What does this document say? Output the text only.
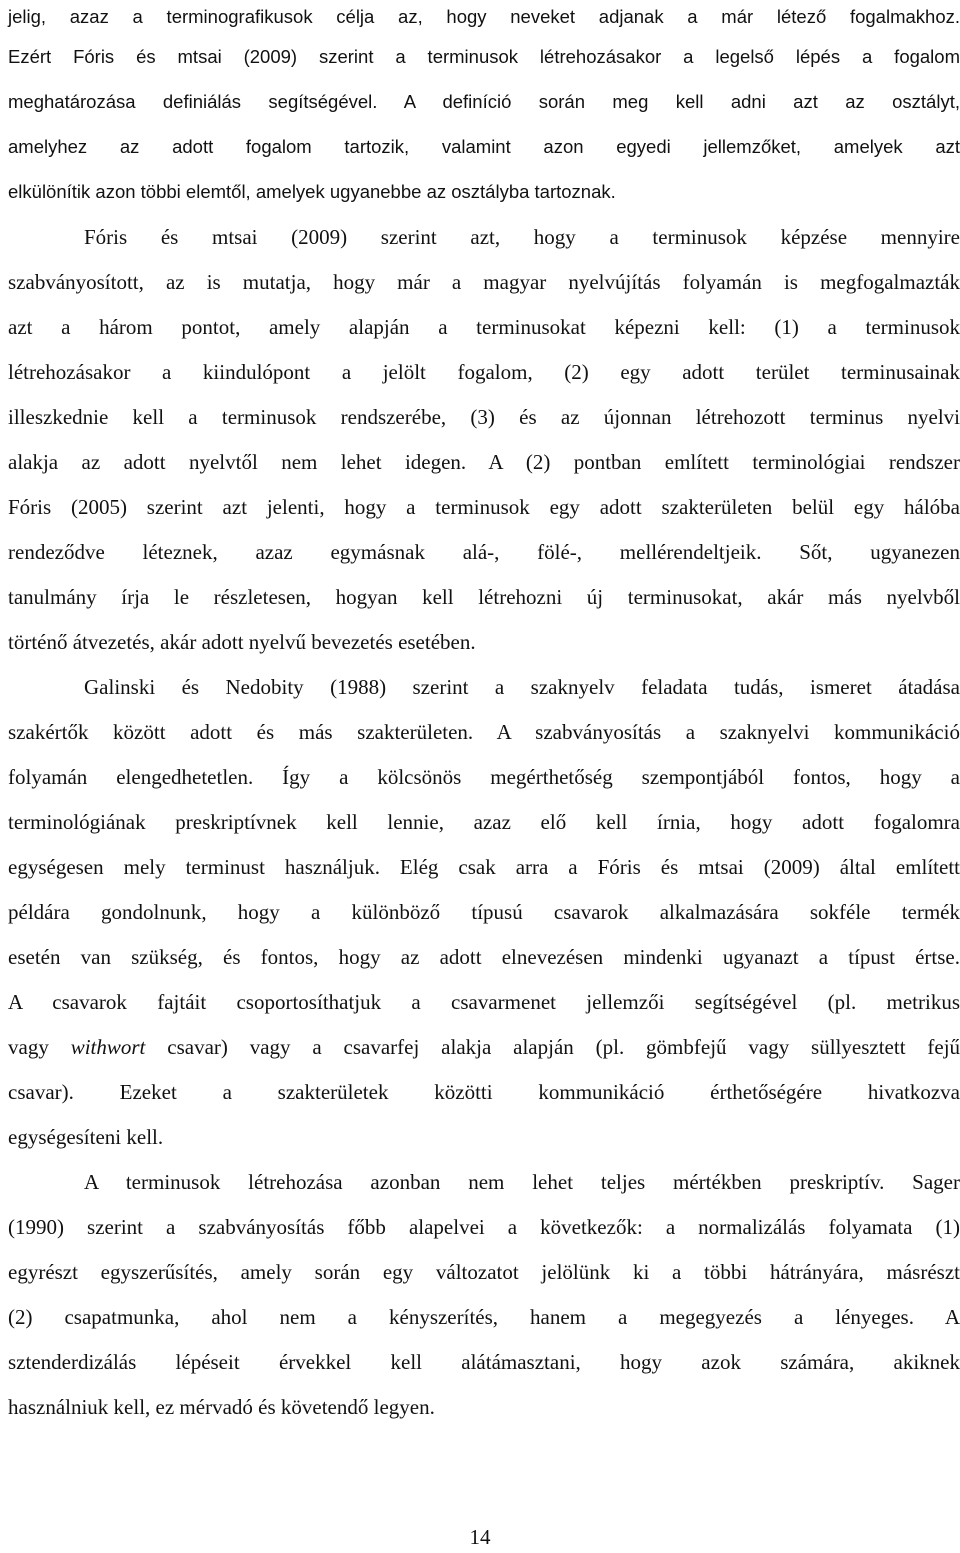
jelig, azaz a terminografikusok célja az, hogy neveket adjanak a már létező fogalmakhoz.
Ezért Fóris és mtsai (2009) szerint a terminusok létrehozásakor a legelső lépés a fogalom
meghatározása definiálás segítségével. A definíció során meg kell adni azt az osztályt,
amelyhez az adott fogalom tartozik, valamint azon egyedi jellemzőket, amelyek azt
elkülönítik azon többi elemtől, amelyek ugyanebbe az osztályba tartoznak.
Fóris és mtsai (2009) szerint azt, hogy a terminusok képzése mennyire
szabványosított, az is mutatja, hogy már a magyar nyelvújítás folyamán is megfogalmazták
azt a három pontot, amely alapján a terminusokat képezni kell: (1) a terminusok
létrehozásakor a kiindulópont a jelölt fogalom, (2) egy adott terület terminusainak
illeszkednie kell a terminusok rendszerébe, (3) és az újonnan létrehozott terminus nyelvi
alakja az adott nyelvtől nem lehet idegen. A (2) pontban említett terminológiai rendszer
Fóris (2005) szerint azt jelenti, hogy a terminusok egy adott szakterületen belül egy hálóba
rendeződve léteznek, azaz egymásnak alá-, fölé-, mellérendeltjeik. Sőt, ugyanezen
tanulmány írja le részletesen, hogyan kell létrehozni új terminusokat, akár más nyelvből
történő átvezetés, akár adott nyelvű bevezetés esetében.
Galinski és Nedobity (1988) szerint a szaknyelv feladata tudás, ismeret átadása
szakértők között adott és más szakterületen. A szabványosítás a szaknyelvi kommunikáció
folyamán elengedhetetlen. Így a kölcsönös megérthetőség szempontjából fontos, hogy a
terminológiának preskriptívnek kell lennie, azaz elő kell írnia, hogy adott fogalomra
egységesen mely terminust használjuk. Elég csak arra a Fóris és mtsai (2009) által említett
példára gondolnunk, hogy a különböző típusú csavarok alkalmazására sokféle termék
esetén van szükség, és fontos, hogy az adott elnevezésen mindenki ugyanazt a típust értse.
A csavarok fajtáit csoportosíthatjuk a csavarmenet jellemzői segítségével (pl. metrikus
vagy withwort csavar) vagy a csavarfej alakja alapján (pl. gömbfejű vagy süllyesztett fejű
csavar). Ezeket a szakterületek közötti kommunikáció érthetőségére hivatkozva
egységesíteni kell.
A terminusok létrehozása azonban nem lehet teljes mértékben preskriptív. Sager
(1990) szerint a szabványosítás főbb alapelvei a következők: a normalizálás folyamata (1)
egyrészt egyszerűsítés, amely során egy változatot jelölünk ki a többi hátrányára, másrészt
(2) csapatmunka, ahol nem a kényszerítés, hanem a megegyezés a lényeges. A
sztenderdizálás lépéseit érvekkel kell alátámasztani, hogy azok számára, akiknek
használniuk kell, ez mérvadó és követendő legyen.
14
